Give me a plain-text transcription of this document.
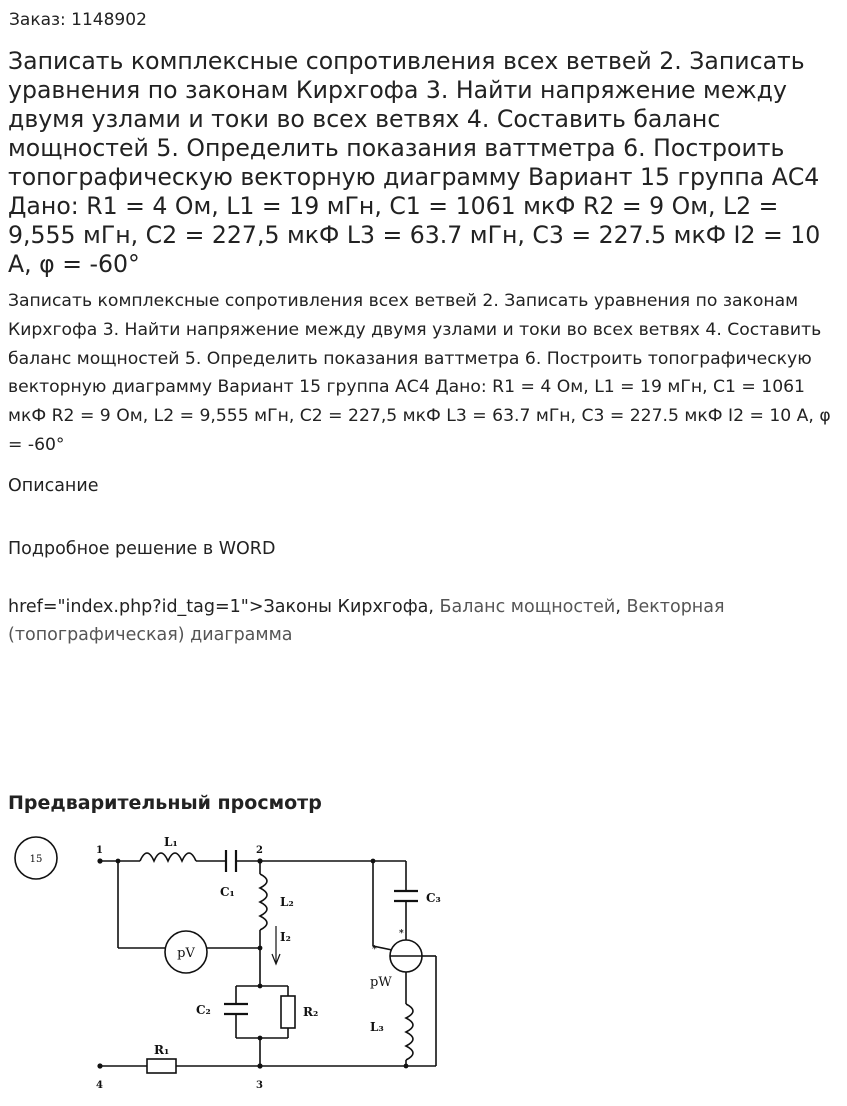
Заказ: 1148902

Записать комплексные сопротивления всех ветвей 2. Записать уравнения по законам Кирхгофа 3. Найти напряжение между двумя узлами и токи во всех ветвях 4. Составить баланс мощностей 5. Определить показания ваттметра 6. Построить топографическую векторную диаграмму Вариант 15 группа АС4 Дано: R1 = 4 Ом, L1 = 19 мГн, С1 = 1061 мкФ R2 = 9 Ом, L2 = 9,555 мГн, С2 = 227,5 мкФ L3 = 63.7 мГн, С3 = 227.5 мкФ I2 = 10 А, φ = -60°

Записать комплексные сопротивления всех ветвей 2. Записать уравнения по законам Кирхгофа 3. Найти напряжение между двумя узлами и токи во всех ветвях 4. Составить баланс мощностей 5. Определить показания ваттметра 6. Построить топографическую векторную диаграмму Вариант 15 группа АС4 Дано: R1 = 4 Ом, L1 = 19 мГн, С1 = 1061 мкФ R2 = 9 Ом, L2 = 9,555 мГн, С2 = 227,5 мкФ L3 = 63.7 мГн, С3 = 227.5 мкФ I2 = 10 А, φ = -60°

Описание

Подробное решение в WORD

href="index.php?id_tag=1">Законы Кирхгофа, Баланс мощностей, Векторная (топографическая) диаграмма

Предварительный просмотр
15
1	2
3
4
L₁
C₁
L₂
I₂
pV
C₂	R₂
R₁
C₃
pW
L₃
*
*
